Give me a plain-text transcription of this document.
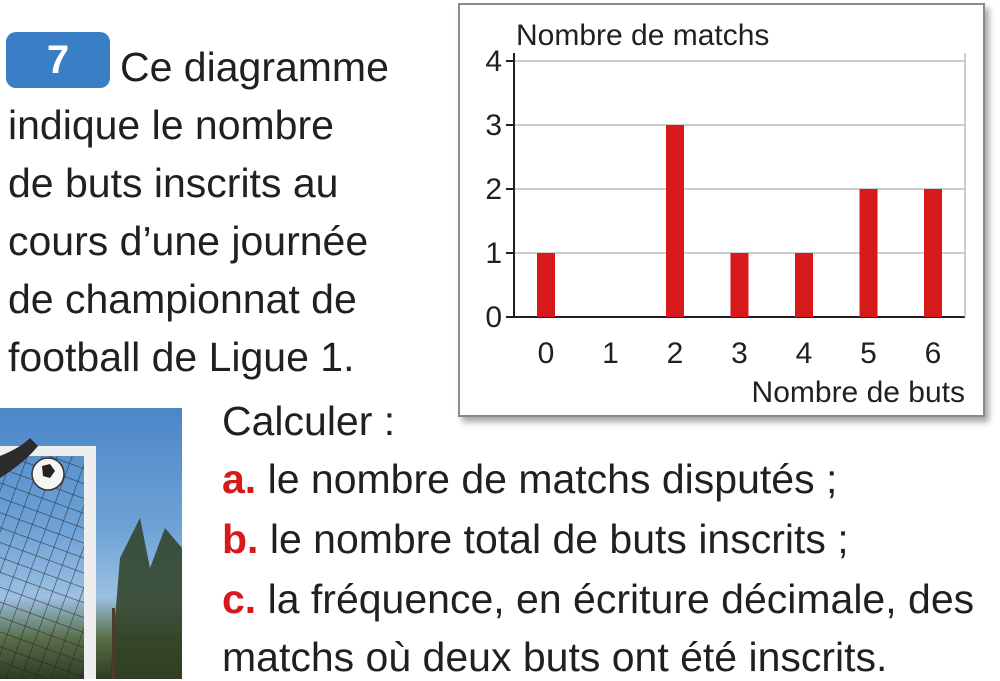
7	Ce diagramme
indique le nombre
de buts inscrits au
cours d’une journée
de championnat de
football de Ligue 1.

Nombre de matchs
Nombre de buts
0
1
2
3
4
0 1 2 3 4 5 6

Calculer :

a. le nombre de matchs disputés ;

b. le nombre total de buts inscrits ;

c. la fréquence, en écriture décimale, des

matchs où deux buts ont été inscrits.
